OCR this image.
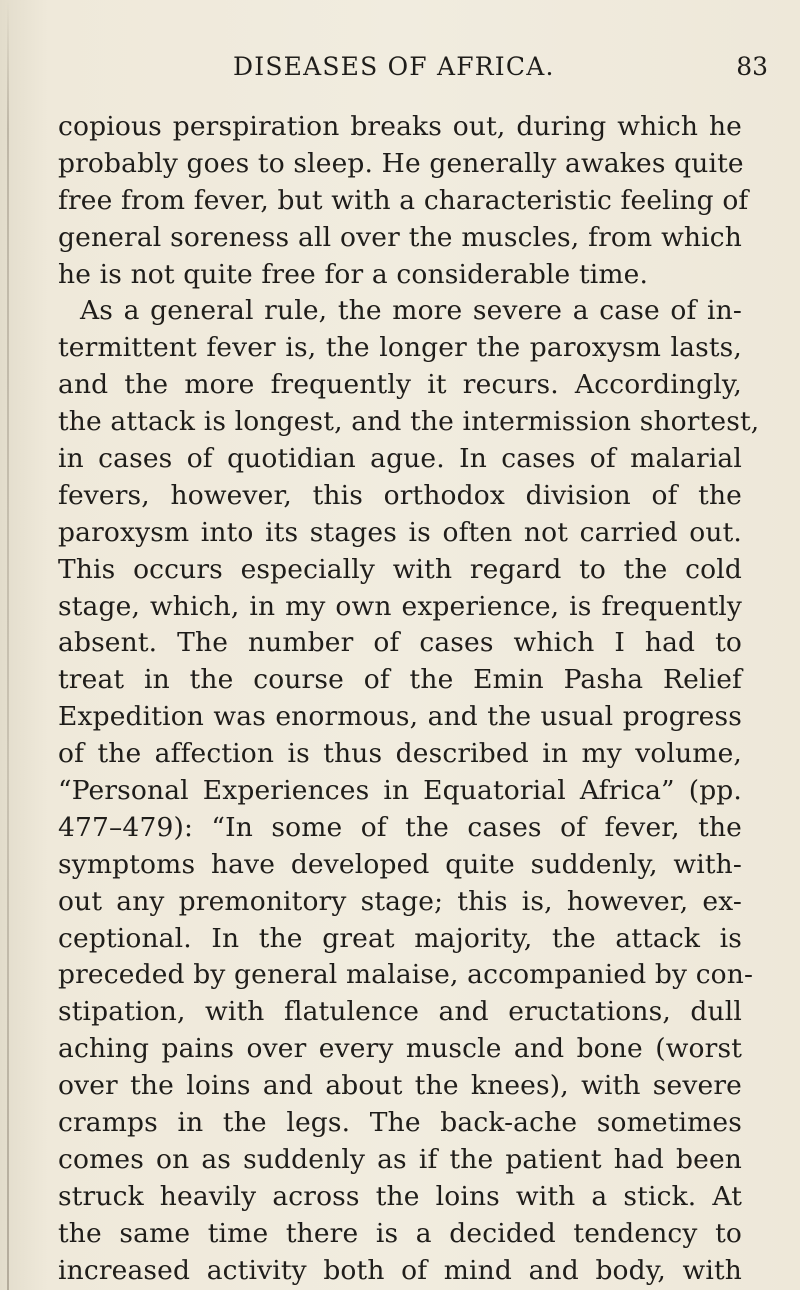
DISEASES OF AFRICA.	83
copious perspiration breaks out, during which he
probably goes to sleep. He generally awakes quite
free from fever, but with a characteristic feeling of
general soreness all over the muscles, from which
he is not quite free for a considerable time.
As a general rule, the more severe a case of in-
termittent fever is, the longer the paroxysm lasts,
and the more frequently it recurs. Accordingly,
the attack is longest, and the intermission shortest,
in cases of quotidian ague. In cases of malarial
fevers, however, this orthodox division of the
paroxysm into its stages is often not carried out.
This occurs especially with regard to the cold
stage, which, in my own experience, is frequently
absent. The number of cases which I had to
treat in the course of the Emin Pasha Relief
Expedition was enormous, and the usual progress
of the affection is thus described in my volume,
“Personal Experiences in Equatorial Africa” (pp.
477–479): “In some of the cases of fever, the
symptoms have developed quite suddenly, with-
out any premonitory stage; this is, however, ex-
ceptional. In the great majority, the attack is
preceded by general malaise, accompanied by con-
stipation, with flatulence and eructations, dull
aching pains over every muscle and bone (worst
over the loins and about the knees), with severe
cramps in the legs. The back-ache sometimes
comes on as suddenly as if the patient had been
struck heavily across the loins with a stick. At
the same time there is a decided tendency to
increased activity both of mind and body, with
